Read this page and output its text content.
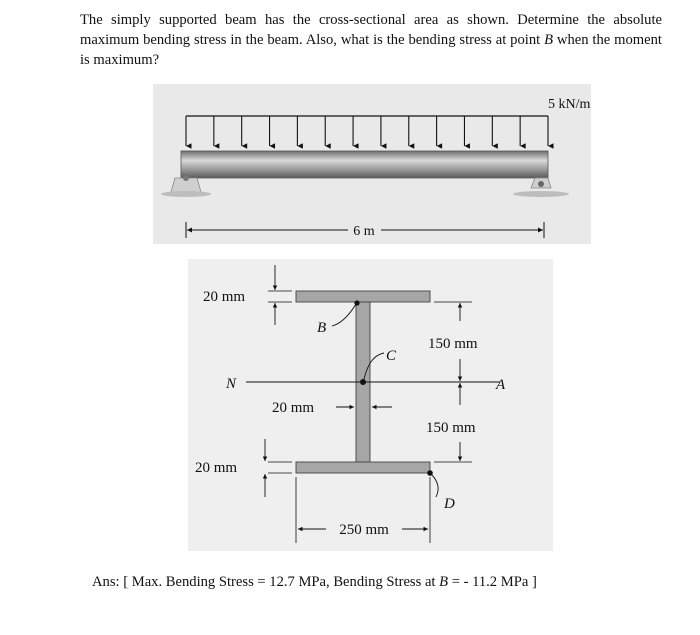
The simply supported beam has the cross-sectional area as shown. Determine the absolute maximum bending stress in the beam. Also, what is the bending stress at point B when the moment is maximum?
5 kN/m
6 m
N	A
C
B
D
20 mm
20 mm
20 mm
150 mm
150 mm
250 mm
Ans: [ Max. Bending Stress = 12.7 MPa, Bending Stress at B = - 11.2 MPa ]
